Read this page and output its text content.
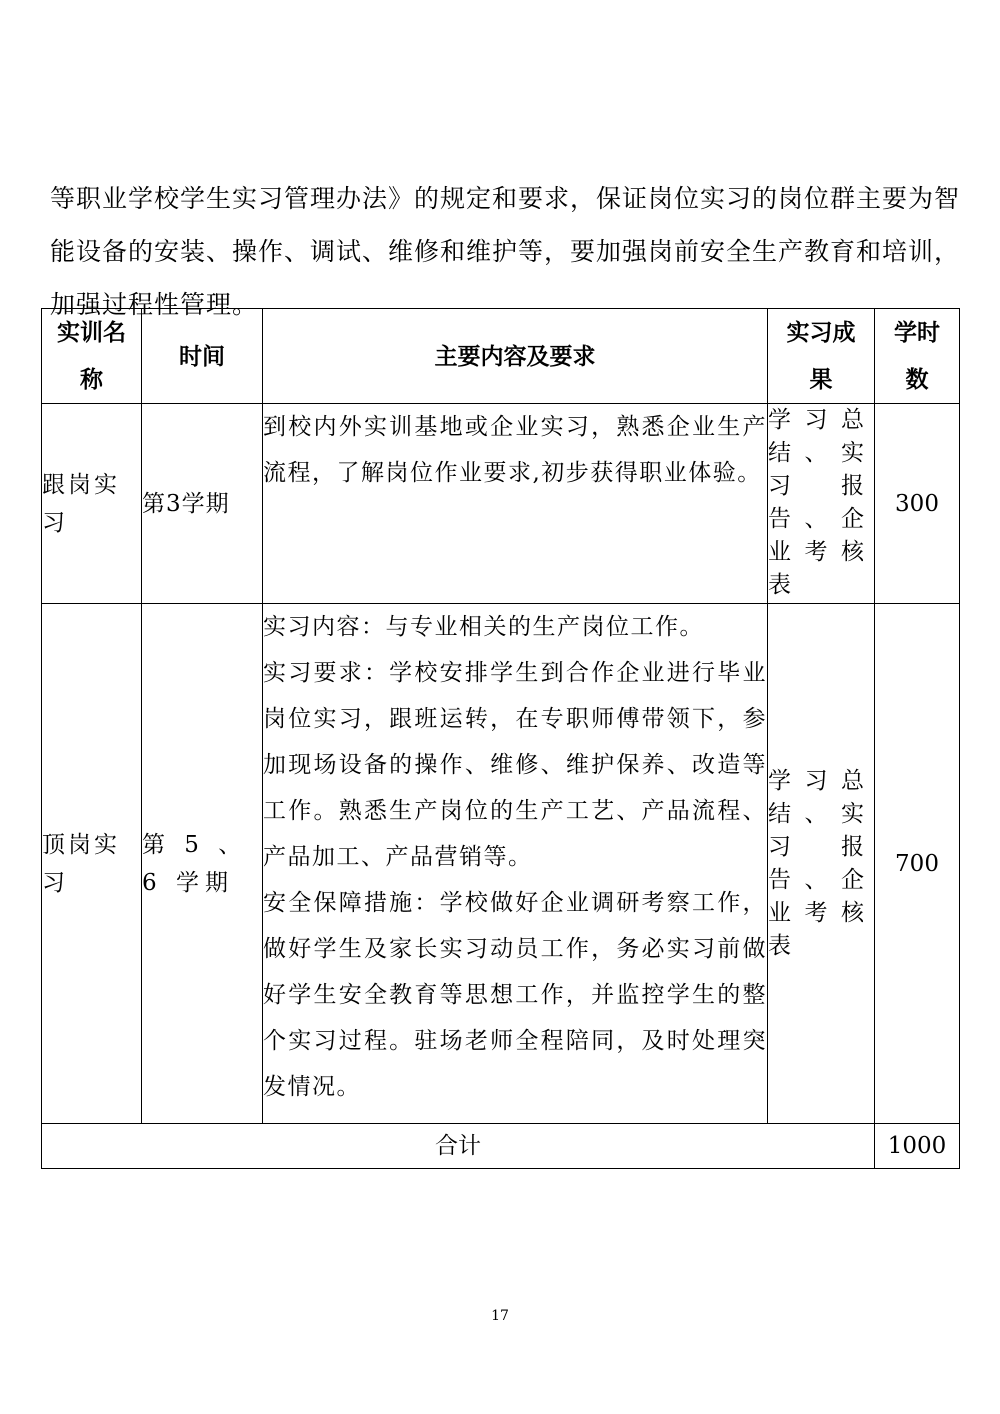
等职业学校学生实习管理办法》的规定和要求，保证岗位实习的岗位群主要为智能设备的安装、操作、调试、维修和维护等，要加强岗前安全生产教育和培训，加强过程性管理。

实训名称	时间	主要内容及要求	实习成果	学时数
跟岗实习	第3学期	到校内外实训基地或企业实习，熟悉企业生产流程，了解岗位作业要求,初步获得职业体验。	学习总结、实习报告、企业考核表	300
顶岗实习	第 5 、6 学期	实习内容：与专业相关的生产岗位工作。
实习要求：学校安排学生到合作企业进行毕业岗位实习，跟班运转，在专职师傅带领下，参加现场设备的操作、维修、维护保养、改造等工作。熟悉生产岗位的生产工艺、产品流程、产品加工、产品营销等。
安全保障措施：学校做好企业调研考察工作，做好学生及家长实习动员工作，务必实习前做好学生安全教育等思想工作，并监控学生的整个实习过程。驻场老师全程陪同，及时处理突发情况。	学习总结、实习报告、企业考核表	700
合计				1000
17
